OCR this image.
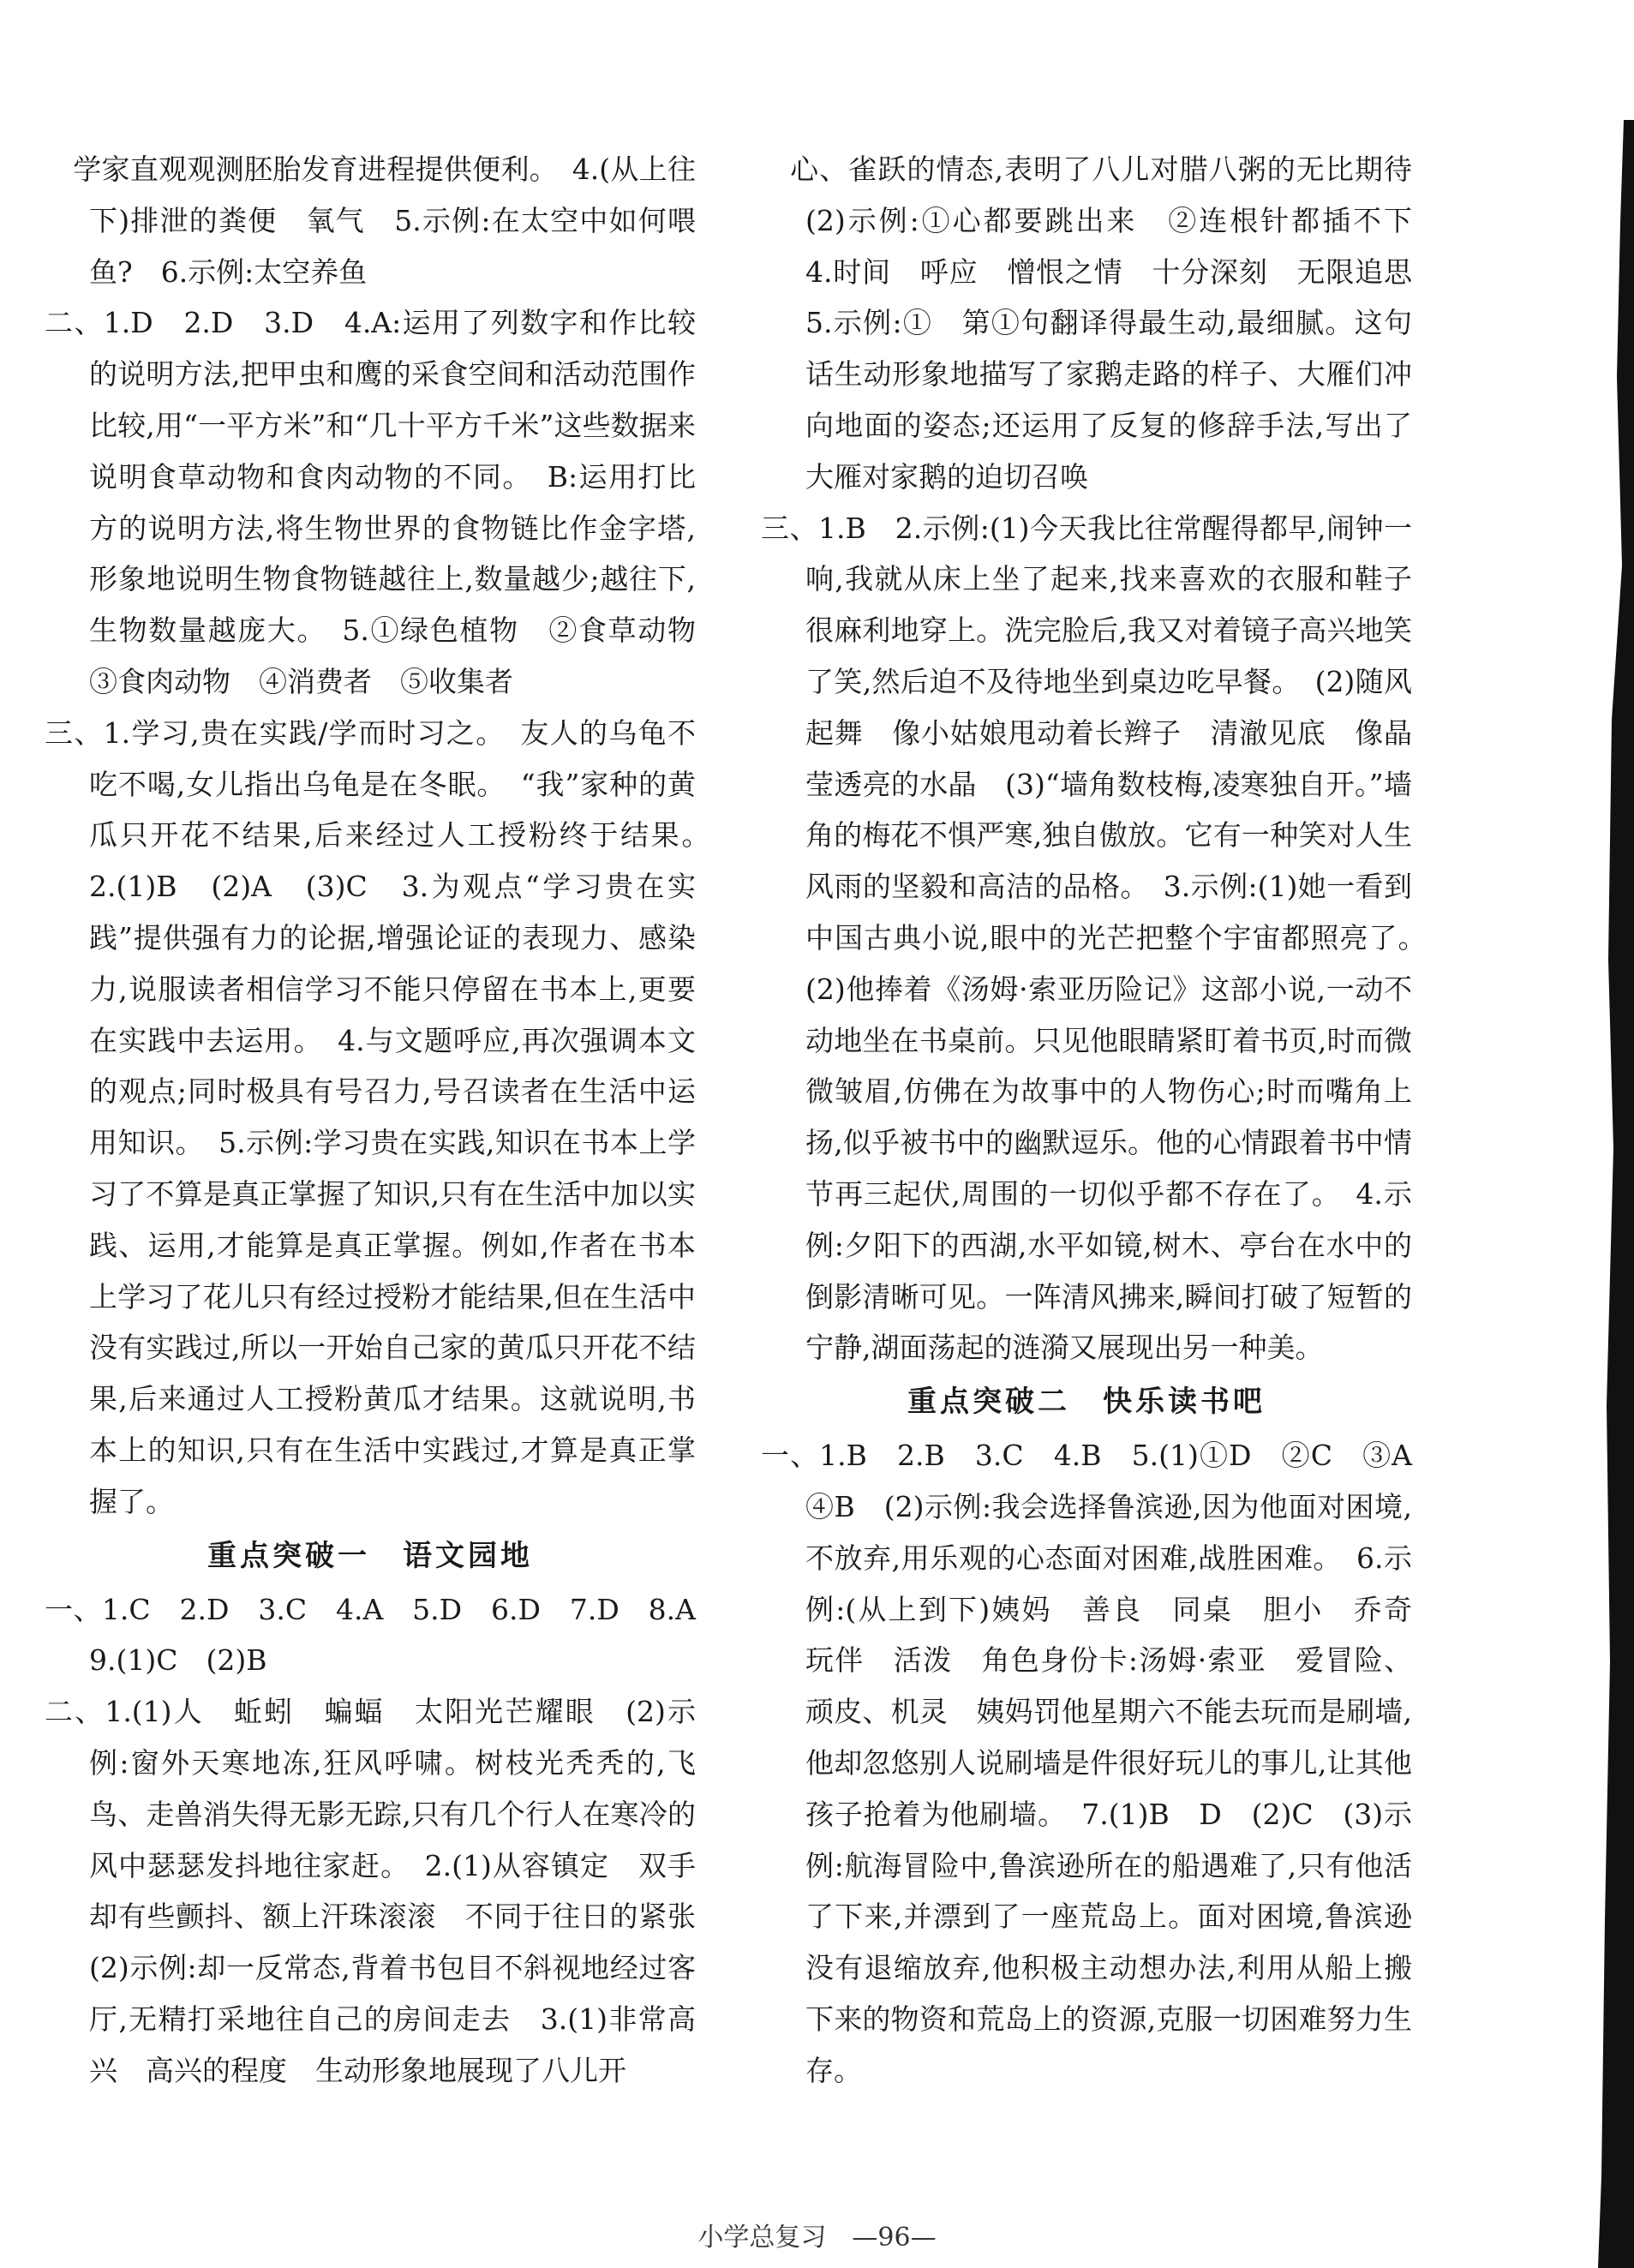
　学家直观观测胚胎发育进程提供便利。　4.(从上往下)排泄的粪便　氧气　5.示例:在太空中如何喂鱼?　6.示例:太空养鱼

二、1.D　2.D　3.D　4.A:运用了列数字和作比较的说明方法,把甲虫和鹰的采食空间和活动范围作比较,用“一平方米”和“几十平方千米”这些数据来说明食草动物和食肉动物的不同。　B:运用打比方的说明方法,将生物世界的食物链比作金字塔,形象地说明生物食物链越往上,数量越少;越往下,生物数量越庞大。　5.①绿色植物　②食草动物　③食肉动物　④消费者　⑤收集者

三、1.学习,贵在实践/学而时习之。　友人的乌龟不吃不喝,女儿指出乌龟是在冬眠。　“我”家种的黄瓜只开花不结果,后来经过人工授粉终于结果。　2.(1)B　(2)A　(3)C　3.为观点“学习贵在实践”提供强有力的论据,增强论证的表现力、感染力,说服读者相信学习不能只停留在书本上,更要在实践中去运用。　4.与文题呼应,再次强调本文的观点;同时极具有号召力,号召读者在生活中运用知识。　5.示例:学习贵在实践,知识在书本上学习了不算是真正掌握了知识,只有在生活中加以实践、运用,才能算是真正掌握。例如,作者在书本上学习了花儿只有经过授粉才能结果,但在生活中没有实践过,所以一开始自己家的黄瓜只开花不结果,后来通过人工授粉黄瓜才结果。这就说明,书本上的知识,只有在生活中实践过,才算是真正掌握了。

重点突破一　语文园地

一、1.C　2.D　3.C　4.A　5.D　6.D　7.D　8.A　9.(1)C　(2)B

二、1.(1)人　蚯蚓　蝙蝠　太阳光芒耀眼　(2)示例:窗外天寒地冻,狂风呼啸。树枝光秃秃的,飞鸟、走兽消失得无影无踪,只有几个行人在寒冷的风中瑟瑟发抖地往家赶。　2.(1)从容镇定　双手却有些颤抖、额上汗珠滚滚　不同于往日的紧张　(2)示例:却一反常态,背着书包目不斜视地经过客厅,无精打采地往自己的房间走去　3.(1)非常高兴　高兴的程度　生动形象地展现了八儿开

　心、雀跃的情态,表明了八儿对腊八粥的无比期待　(2)示例:①心都要跳出来　②连根针都插不下　4.时间　呼应　憎恨之情　十分深刻　无限追思　5.示例:①　第①句翻译得最生动,最细腻。这句话生动形象地描写了家鹅走路的样子、大雁们冲向地面的姿态;还运用了反复的修辞手法,写出了大雁对家鹅的迫切召唤

三、1.B　2.示例:(1)今天我比往常醒得都早,闹钟一响,我就从床上坐了起来,找来喜欢的衣服和鞋子很麻利地穿上。洗完脸后,我又对着镜子高兴地笑了笑,然后迫不及待地坐到桌边吃早餐。　(2)随风起舞　像小姑娘甩动着长辫子　清澈见底　像晶莹透亮的水晶　(3)“墙角数枝梅,凌寒独自开。”墙角的梅花不惧严寒,独自傲放。它有一种笑对人生风雨的坚毅和高洁的品格。　3.示例:(1)她一看到中国古典小说,眼中的光芒把整个宇宙都照亮了。　(2)他捧着《汤姆·索亚历险记》这部小说,一动不动地坐在书桌前。只见他眼睛紧盯着书页,时而微微皱眉,仿佛在为故事中的人物伤心;时而嘴角上扬,似乎被书中的幽默逗乐。他的心情跟着书中情节再三起伏,周围的一切似乎都不存在了。　4.示例:夕阳下的西湖,水平如镜,树木、亭台在水中的倒影清晰可见。一阵清风拂来,瞬间打破了短暂的宁静,湖面荡起的涟漪又展现出另一种美。

重点突破二　快乐读书吧

一、1.B　2.B　3.C　4.B　5.(1)①D　②C　③A　④B　(2)示例:我会选择鲁滨逊,因为他面对困境,不放弃,用乐观的心态面对困难,战胜困难。　6.示例:(从上到下)姨妈　善良　同桌　胆小　乔奇　玩伴　活泼　角色身份卡:汤姆·索亚　爱冒险、顽皮、机灵　姨妈罚他星期六不能去玩而是刷墙,他却忽悠别人说刷墙是件很好玩儿的事儿,让其他孩子抢着为他刷墙。　7.(1)B　D　(2)C　(3)示例:航海冒险中,鲁滨逊所在的船遇难了,只有他活了下来,并漂到了一座荒岛上。面对困境,鲁滨逊没有退缩放弃,他积极主动想办法,利用从船上搬下来的物资和荒岛上的资源,克服一切困难努力生存。

小学总复习　—96—
